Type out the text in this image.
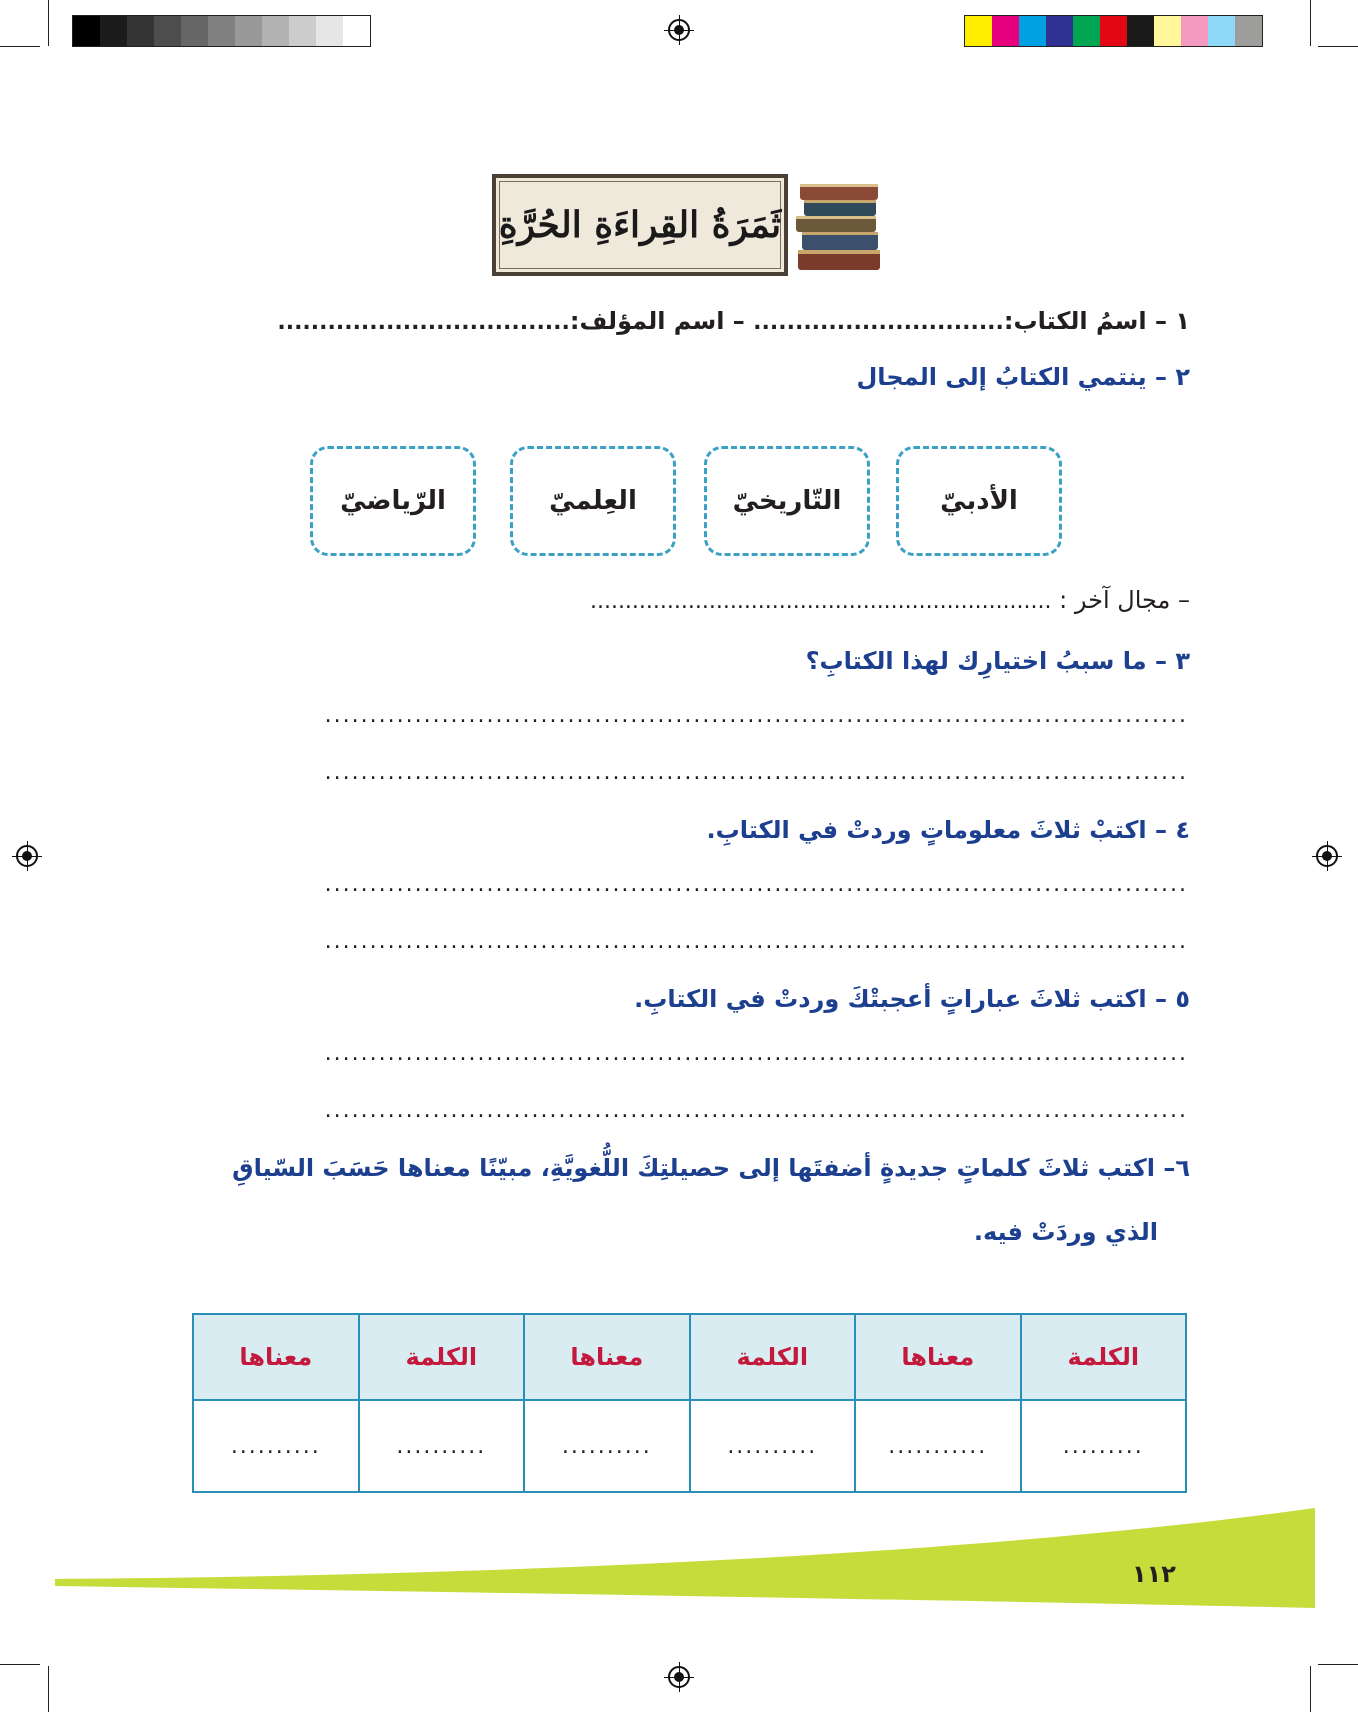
ثَمَرَةُ القِراءَةِ الحُرَّةِ
١ – اسمُ الكتاب:.............................. – اسم المؤلف:...................................
٢ – ينتمي الكتابُ إلى المجال
الأدبيّ
التّاريخيّ
العِلميّ
الرّياضيّ
– مجال آخر : ..................................................................
٣ – ما سببُ اختيارِك لهذا الكتابِ؟
................................................................................................
................................................................................................
٤ – اكتبْ ثلاثَ معلوماتٍ وردتْ في الكتابِ.
................................................................................................
................................................................................................
٥ – اكتب ثلاثَ عباراتٍ أعجبتْكَ وردتْ في الكتابِ.
................................................................................................
................................................................................................
٦– اكتب ثلاثَ كلماتٍ جديدةٍ أضفتَها إلى حصيلتِكَ اللُّغويَّةِ، مبيّنًا معناها حَسَبَ السّياقِ
الذي وردَتْ فيه.
الكلمة	معناها	الكلمة	معناها	الكلمة	معناها
.........	...........	..........	..........	..........	..........
١١٢
